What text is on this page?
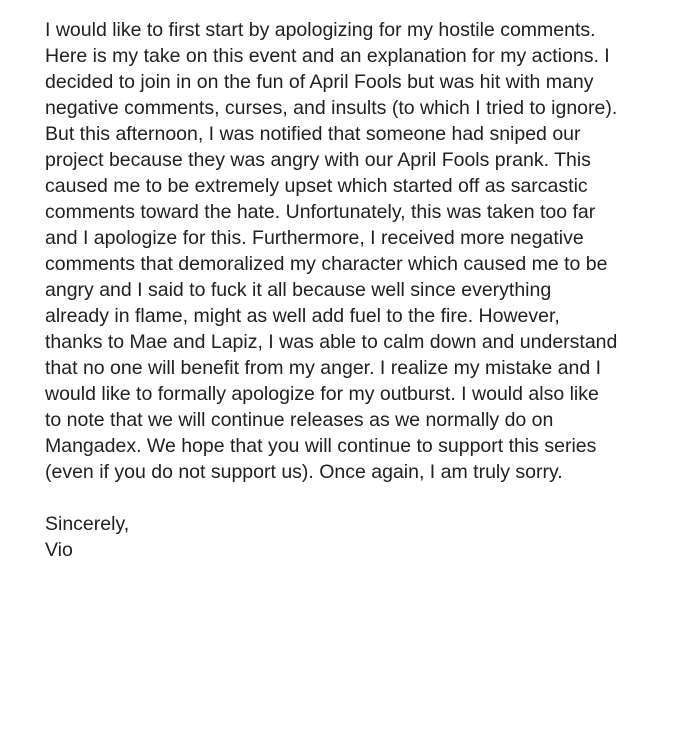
I would like to first start by apologizing for my hostile comments.
Here is my take on this event and an explanation for my actions. I
decided to join in on the fun of April Fools but was hit with many
negative comments, curses, and insults (to which I tried to ignore).
But this afternoon, I was notified that someone had sniped our
project because they was angry with our April Fools prank. This
caused me to be extremely upset which started off as sarcastic
comments toward the hate. Unfortunately, this was taken too far
and I apologize for this. Furthermore, I received more negative
comments that demoralized my character which caused me to be
angry and I said to fuck it all because well since everything
already in flame, might as well add fuel to the fire. However,
thanks to Mae and Lapiz, I was able to calm down and understand
that no one will benefit from my anger. I realize my mistake and I
would like to formally apologize for my outburst. I would also like
to note that we will continue releases as we normally do on
Mangadex. We hope that you will continue to support this series
(even if you do not support us). Once again, I am truly sorry.
Sincerely,
Vio
